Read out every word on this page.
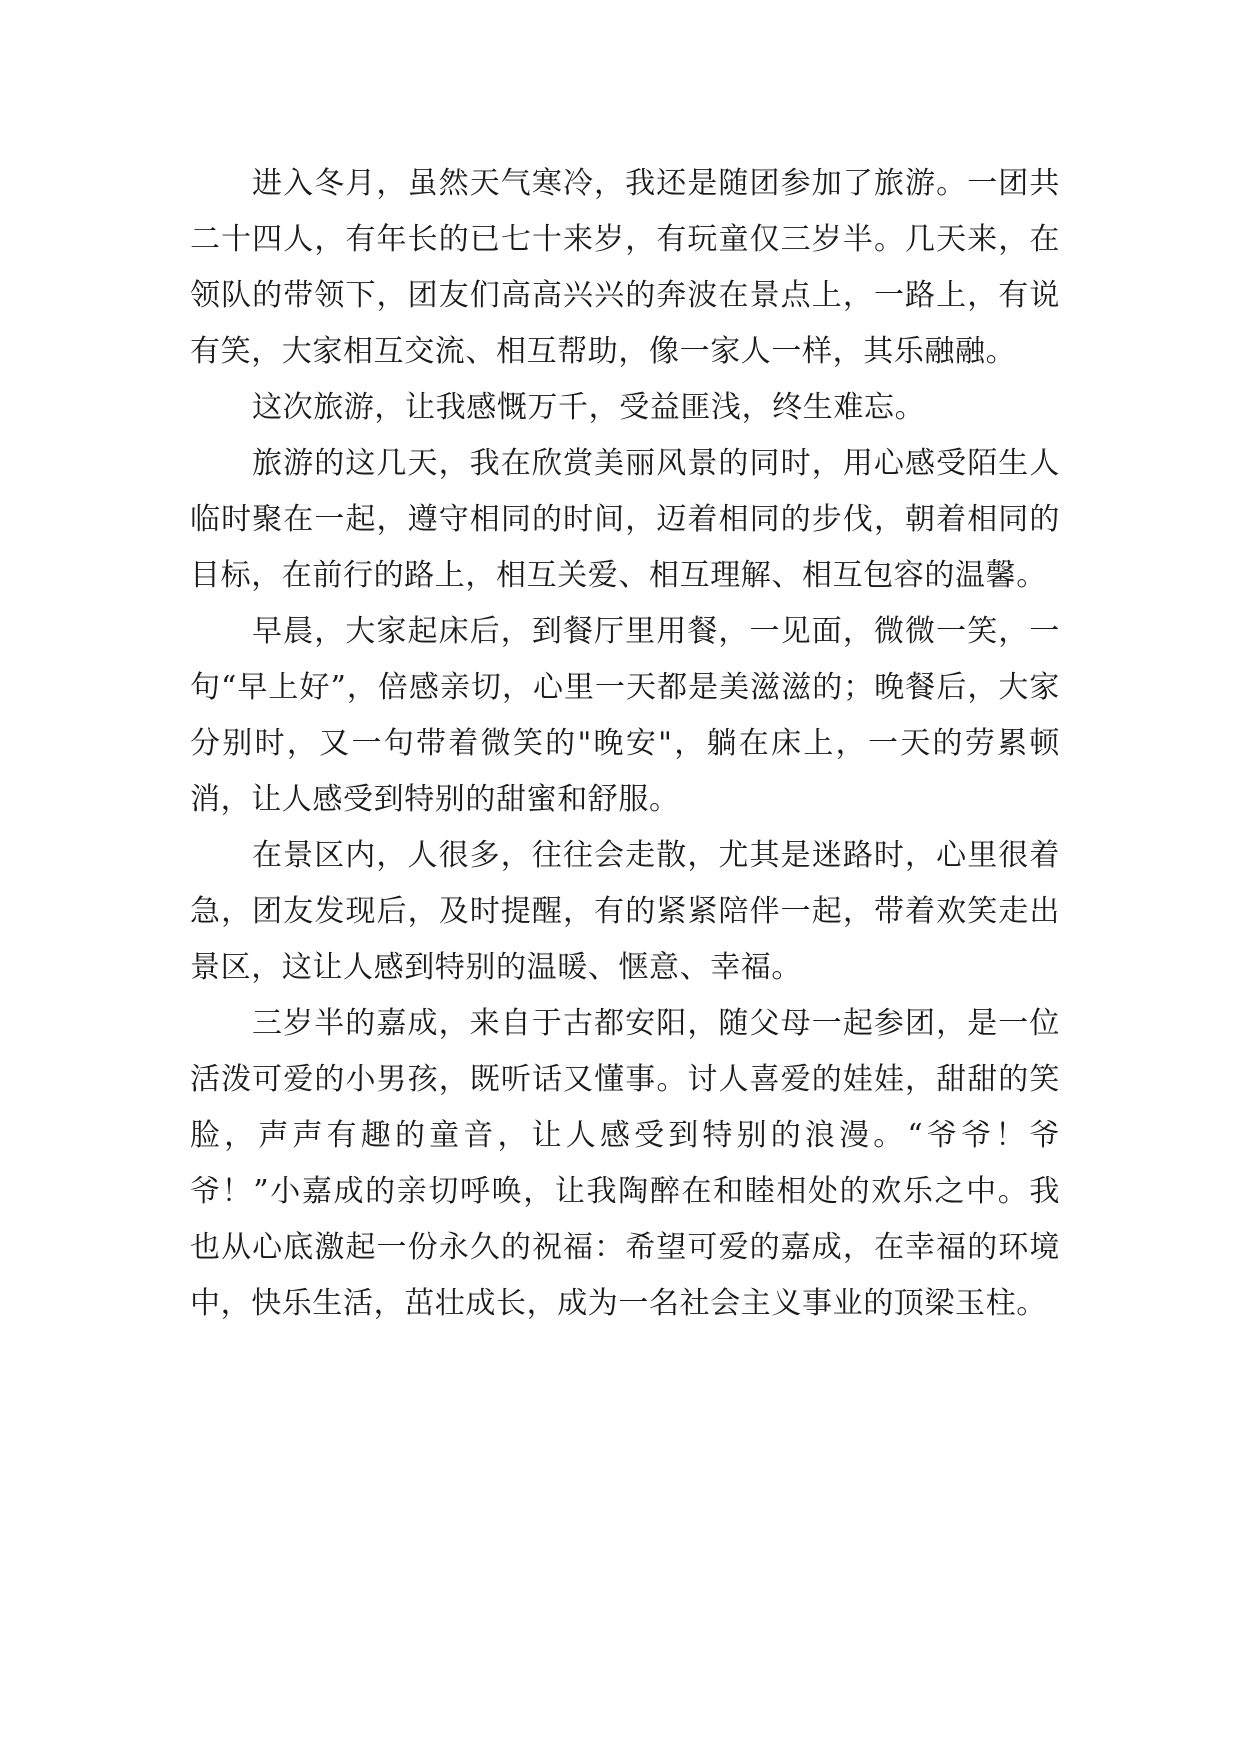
进入冬月，虽然天气寒冷，我还是随团参加了旅游。一团共二十四人，有年长的已七十来岁，有玩童仅三岁半。几天来，在领队的带领下，团友们高高兴兴的奔波在景点上，一路上，有说有笑，大家相互交流、相互帮助，像一家人一样，其乐融融。

这次旅游，让我感慨万千，受益匪浅，终生难忘。

旅游的这几天，我在欣赏美丽风景的同时，用心感受陌生人临时聚在一起，遵守相同的时间，迈着相同的步伐，朝着相同的目标，在前行的路上，相互关爱、相互理解、相互包容的温馨。

早晨，大家起床后，到餐厅里用餐，一见面，微微一笑，一句“早上好”，倍感亲切，心里一天都是美滋滋的；晚餐后，大家分别时，又一句带着微笑的"晚安"，躺在床上，一天的劳累顿消，让人感受到特别的甜蜜和舒服。

在景区内，人很多，往往会走散，尤其是迷路时，心里很着急，团友发现后，及时提醒，有的紧紧陪伴一起，带着欢笑走出景区，这让人感到特别的温暖、惬意、幸福。

三岁半的嘉成，来自于古都安阳，随父母一起参团，是一位活泼可爱的小男孩，既听话又懂事。讨人喜爱的娃娃，甜甜的笑脸，声声有趣的童音，让人感受到特别的浪漫。“爷爷！爷爷！”小嘉成的亲切呼唤，让我陶醉在和睦相处的欢乐之中。我也从心底激起一份永久的祝福：希望可爱的嘉成，在幸福的环境中，快乐生活，茁壮成长，成为一名社会主义事业的顶梁玉柱。
